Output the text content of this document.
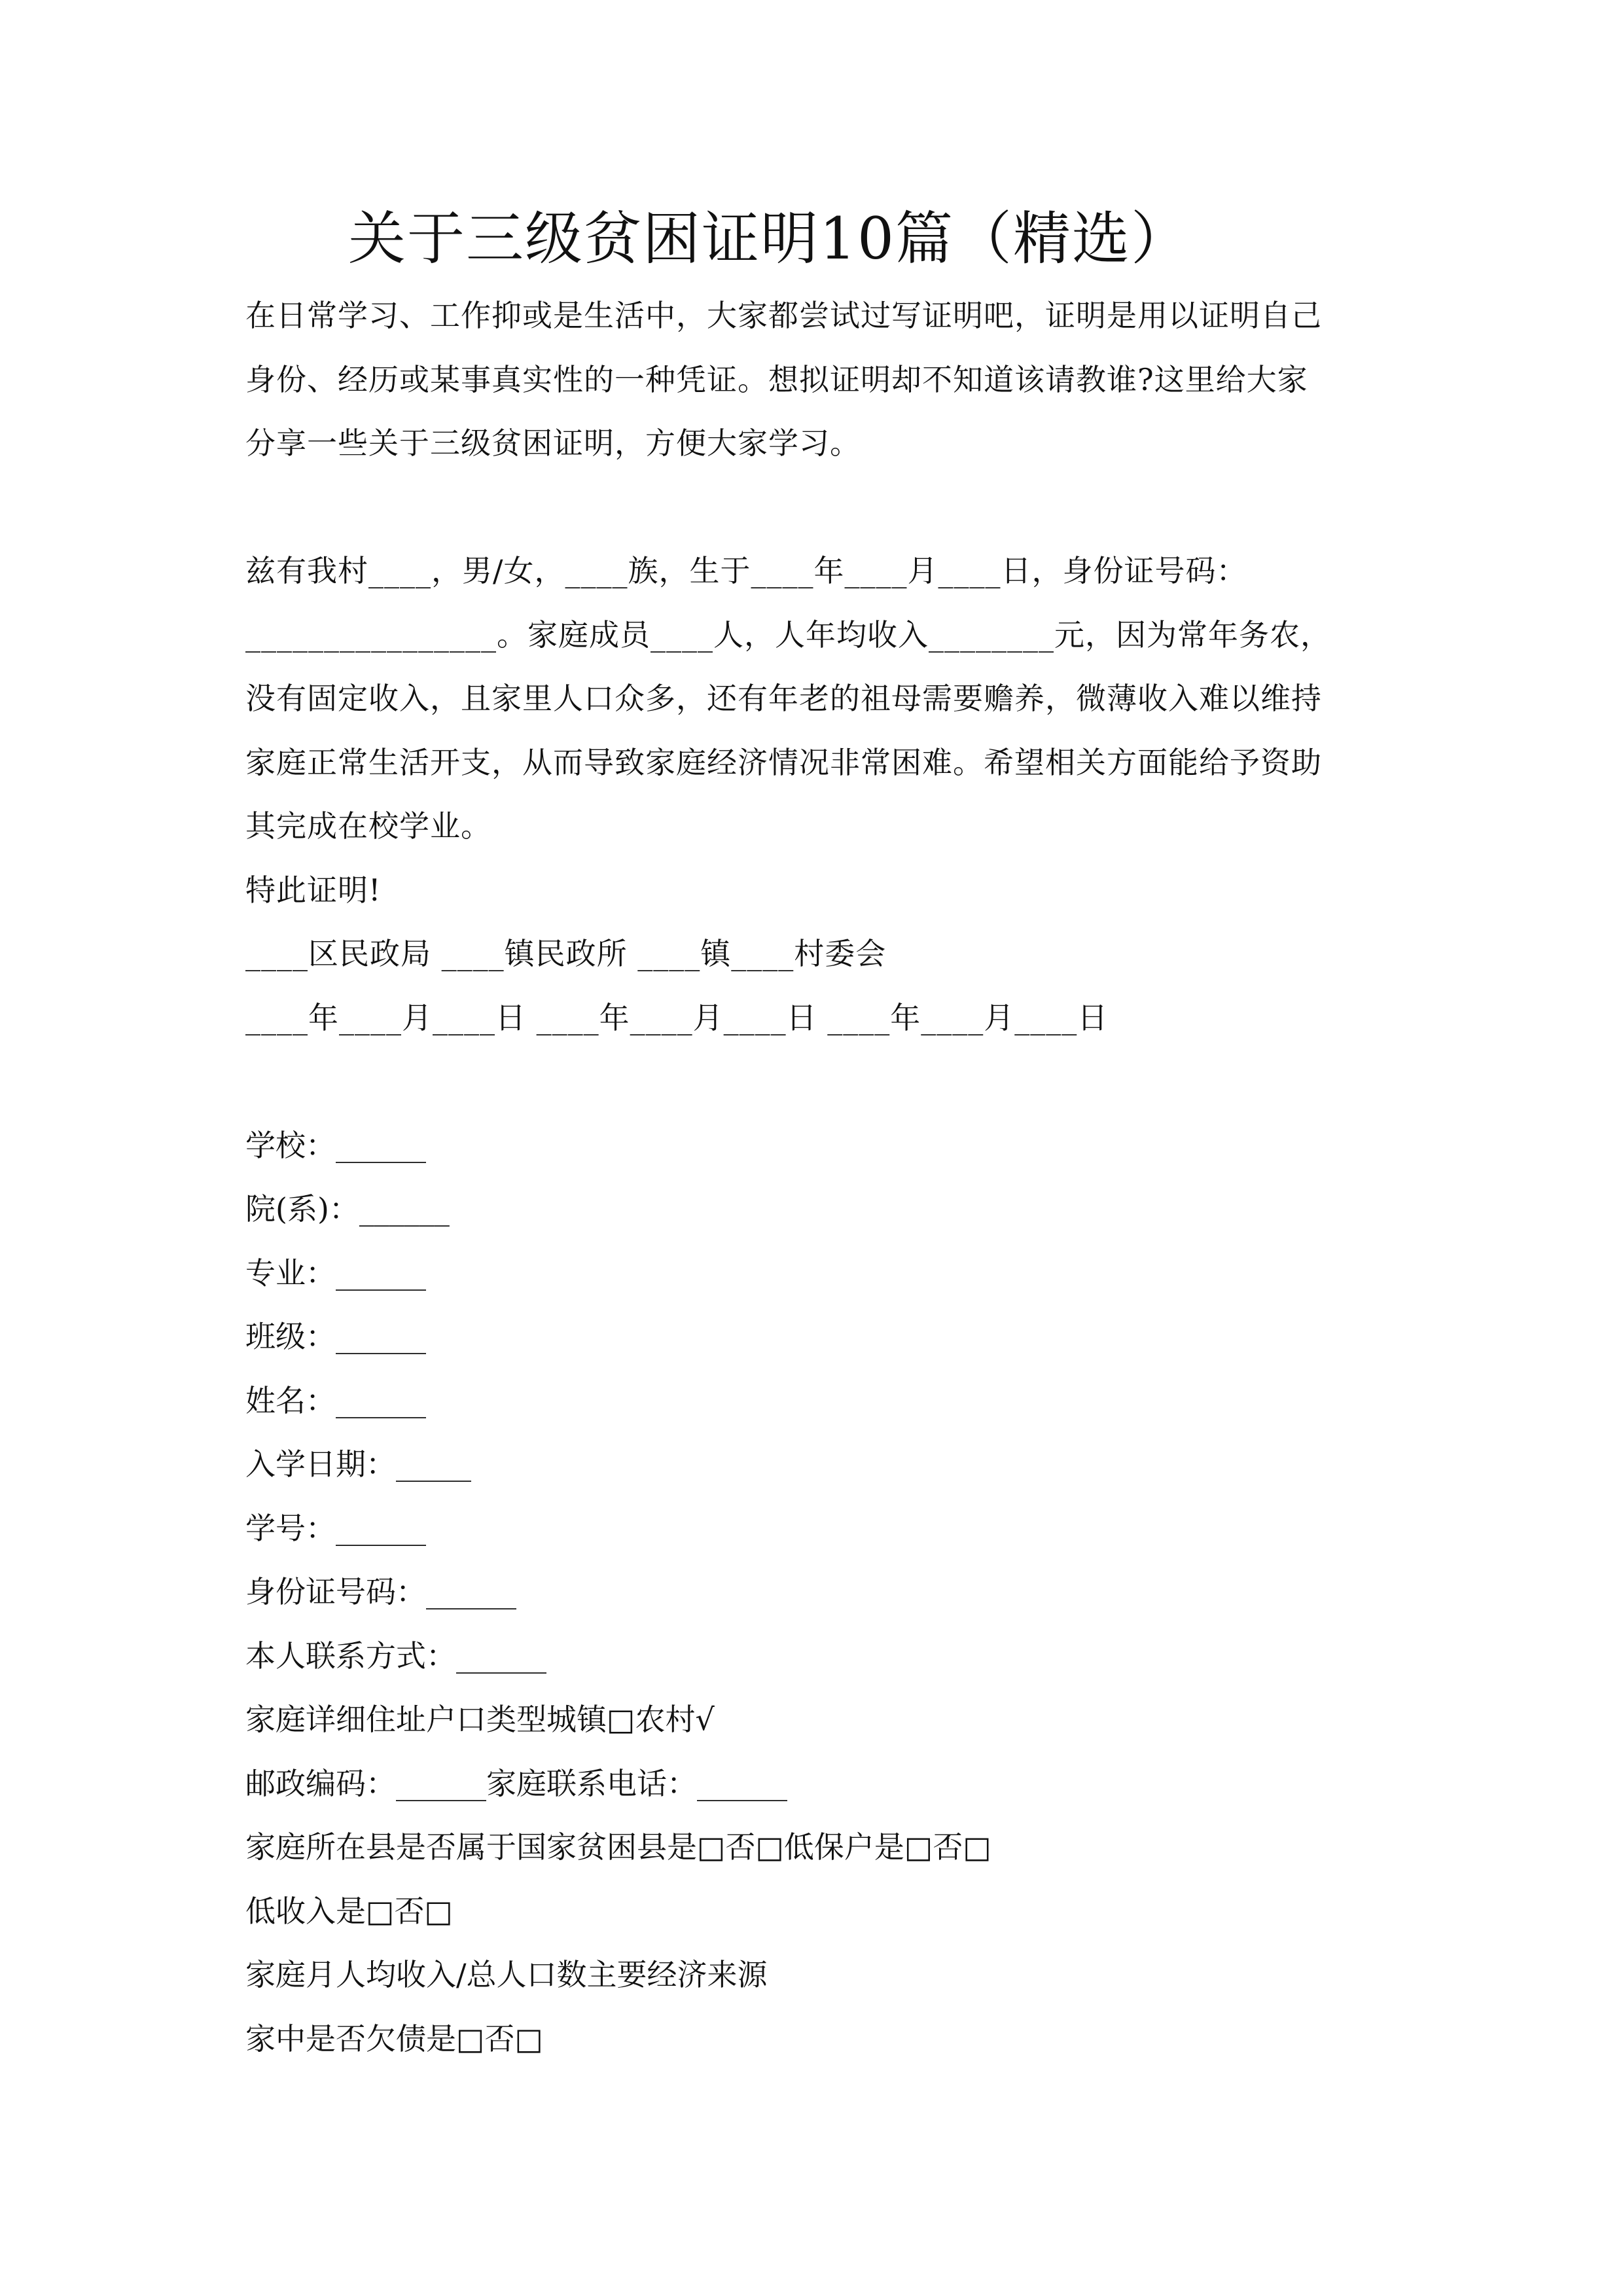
关于三级贫困证明10篇（精选）
在日常学习、工作抑或是生活中，大家都尝试过写证明吧，证明是用以证明自己
身份、经历或某事真实性的一种凭证。想拟证明却不知道该请教谁?这里给大家
分享一些关于三级贫困证明，方便大家学习。
兹有我村____，男/女，____族，生于____年____月____日，身份证号码：
________________。家庭成员____人，人年均收入________元，因为常年务农，
没有固定收入，且家里人口众多，还有年老的祖母需要赡养，微薄收入难以维持
家庭正常生活开支，从而导致家庭经济情况非常困难。希望相关方面能给予资助
其完成在校学业。
特此证明!
____区民政局 ____镇民政所 ____镇____村委会
____年____月____日 ____年____月____日 ____年____月____日
学校：______
院(系)：______
专业：______
班级：______
姓名：______
入学日期：_____
学号：______
身份证号码：______
本人联系方式：______
家庭详细住址户口类型城镇□农村√
邮政编码：______家庭联系电话：______
家庭所在县是否属于国家贫困县是□否□低保户是□否□
低收入是□否□
家庭月人均收入/总人口数主要经济来源
家中是否欠债是□否□
